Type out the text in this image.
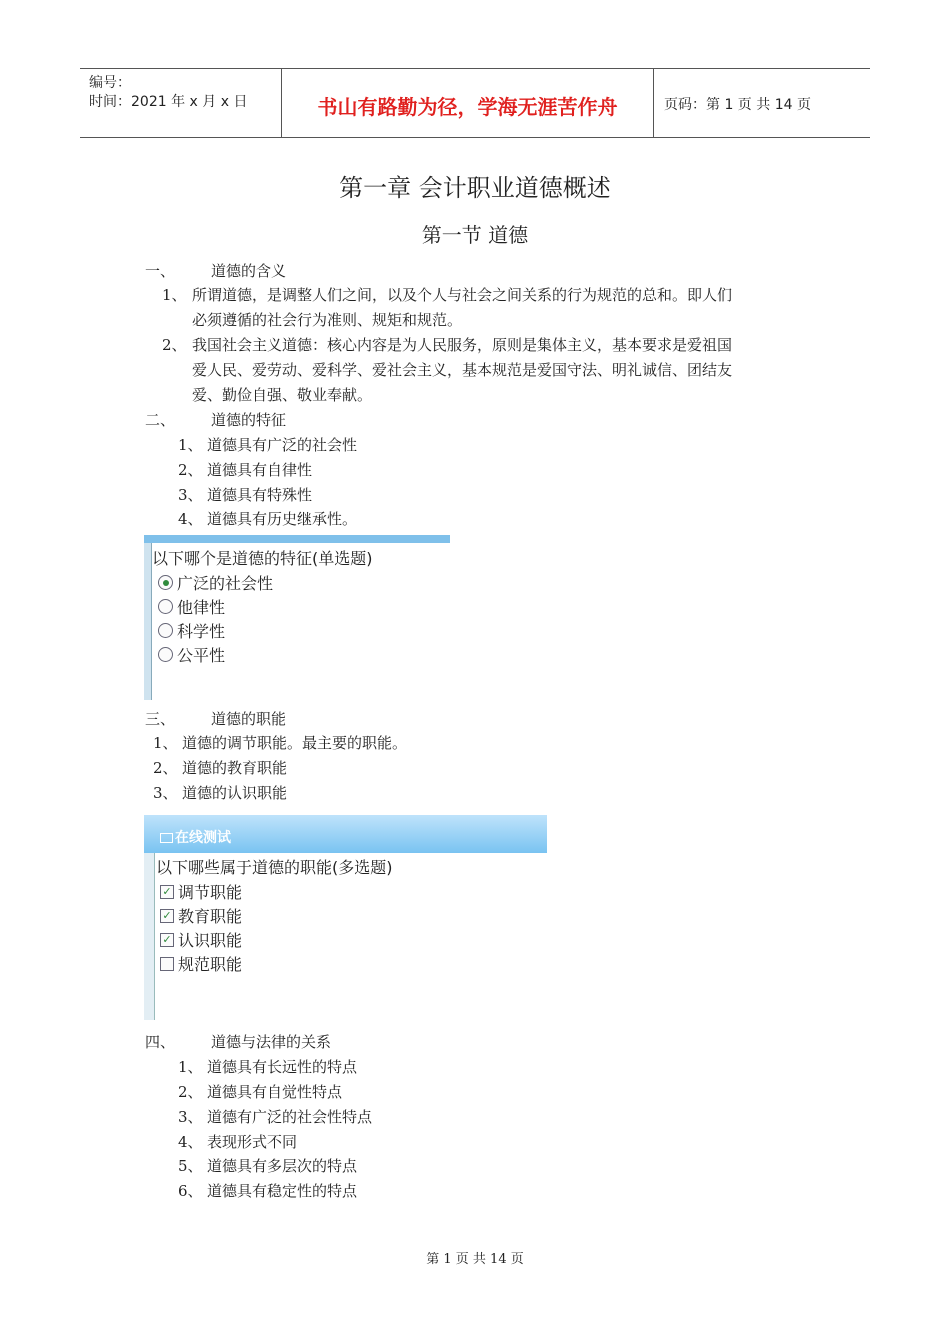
编号：
时间：2021 年 x 月 x 日	书山有路勤为径，学海无涯苦作舟	页码：第 1 页 共 14 页
第一章 会计职业道德概述
第一节 道德
一、 道德的含义
1、 所谓道德，是调整人们之间，以及个人与社会之间关系的行为规范的总和。即人们
必须遵循的社会行为准则、规矩和规范。
2、 我国社会主义道德：核心内容是为人民服务，原则是集体主义，基本要求是爱祖国
爱人民、爱劳动、爱科学、爱社会主义，基本规范是爱国守法、明礼诚信、团结友
爱、勤俭自强、敬业奉献。
二、 道德的特征
1、 道德具有广泛的社会性
2、 道德具有自律性
3、 道德具有特殊性
4、 道德具有历史继承性。
以下哪个是道德的特征(单选题)
广泛的社会性
他律性
科学性
公平性
三、 道德的职能
1、 道德的调节职能。最主要的职能。
2、 道德的教育职能
3、 道德的认识职能
在线测试
以下哪些属于道德的职能(多选题)
✓ 调节职能
✓ 教育职能
✓ 认识职能
规范职能
四、 道德与法律的关系
1、 道德具有长远性的特点
2、 道德具有自觉性特点
3、 道德有广泛的社会性特点
4、 表现形式不同
5、 道德具有多层次的特点
6、 道德具有稳定性的特点
第 1 页 共 14 页
